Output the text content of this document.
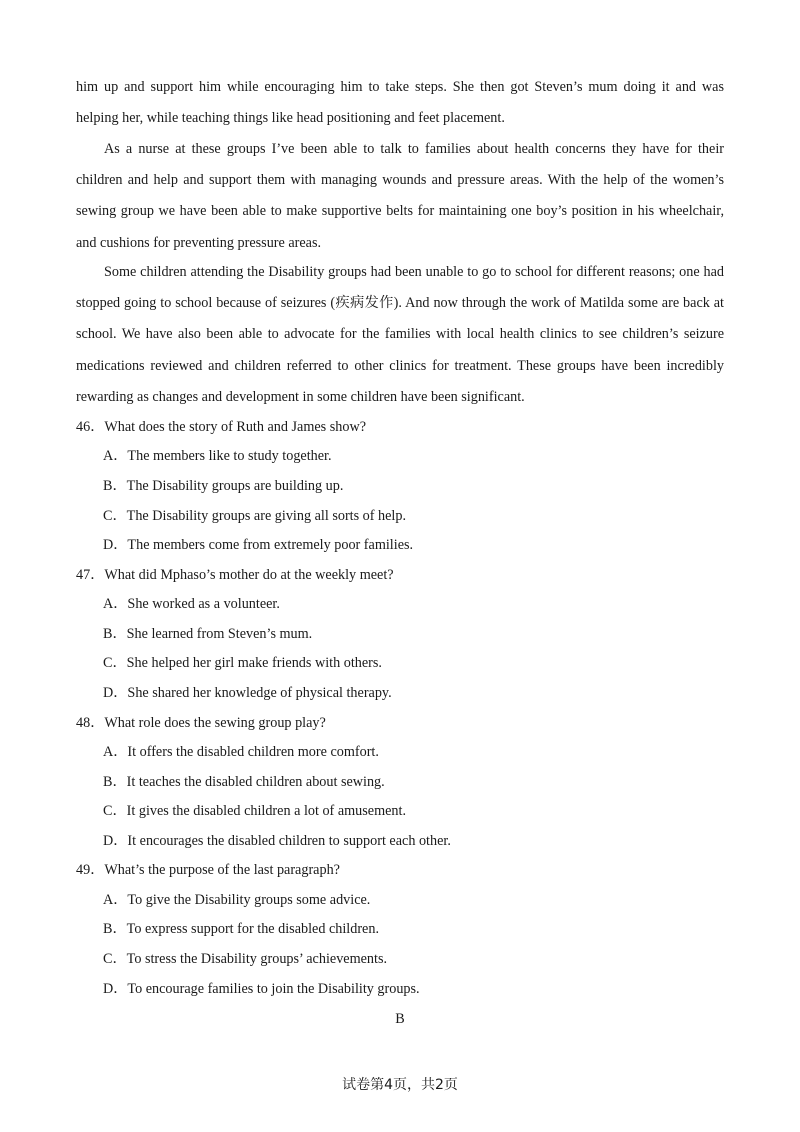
him up and support him while encouraging him to take steps. She then got Steven’s mum doing it and was helping her, while teaching things like head positioning and feet placement.

As a nurse at these groups I’ve been able to talk to families about health concerns they have for their children and help and support them with managing wounds and pressure areas. With the help of the women’s sewing group we have been able to make supportive belts for maintaining one boy’s position in his wheelchair, and cushions for preventing pressure areas.

Some children attending the Disability groups had been unable to go to school for different reasons; one had stopped going to school because of seizures (疾病发作). And now through the work of Matilda some are back at school. We have also been able to advocate for the families with local health clinics to see children’s seizure medications reviewed and children referred to other clinics for treatment. These groups have been incredibly rewarding as changes and development in some children have been significant.

46．What does the story of Ruth and James show?
A．The members like to study together.
B．The Disability groups are building up.
C．The Disability groups are giving all sorts of help.
D．The members come from extremely poor families.
47．What did Mphaso’s mother do at the weekly meet?
A．She worked as a volunteer.
B．She learned from Steven’s mum.
C．She helped her girl make friends with others.
D．She shared her knowledge of physical therapy.
48．What role does the sewing group play?
A．It offers the disabled children more comfort.
B．It teaches the disabled children about sewing.
C．It gives the disabled children a lot of amusement.
D．It encourages the disabled children to support each other.
49．What’s the purpose of the last paragraph?
A．To give the Disability groups some advice.
B．To express support for the disabled children.
C．To stress the Disability groups’ achievements.
D．To encourage families to join the Disability groups.
B
试卷第4页，共2页
